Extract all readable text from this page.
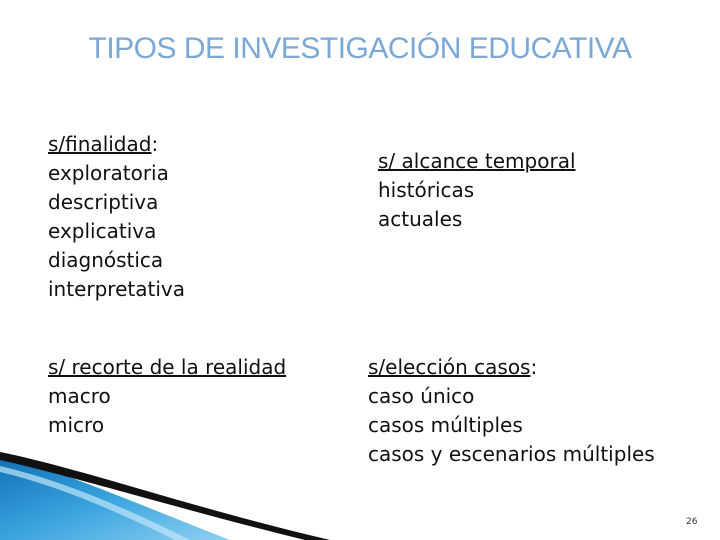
TIPOS DE INVESTIGACIÓN EDUCATIVA
s/finalidad:
exploratoria
descriptiva
explicativa
diagnóstica
interpretativa
s/ alcance temporal
históricas
actuales
s/ recorte de la realidad
macro
micro
s/elección casos:
caso único
casos múltiples
casos y escenarios múltiples
26
